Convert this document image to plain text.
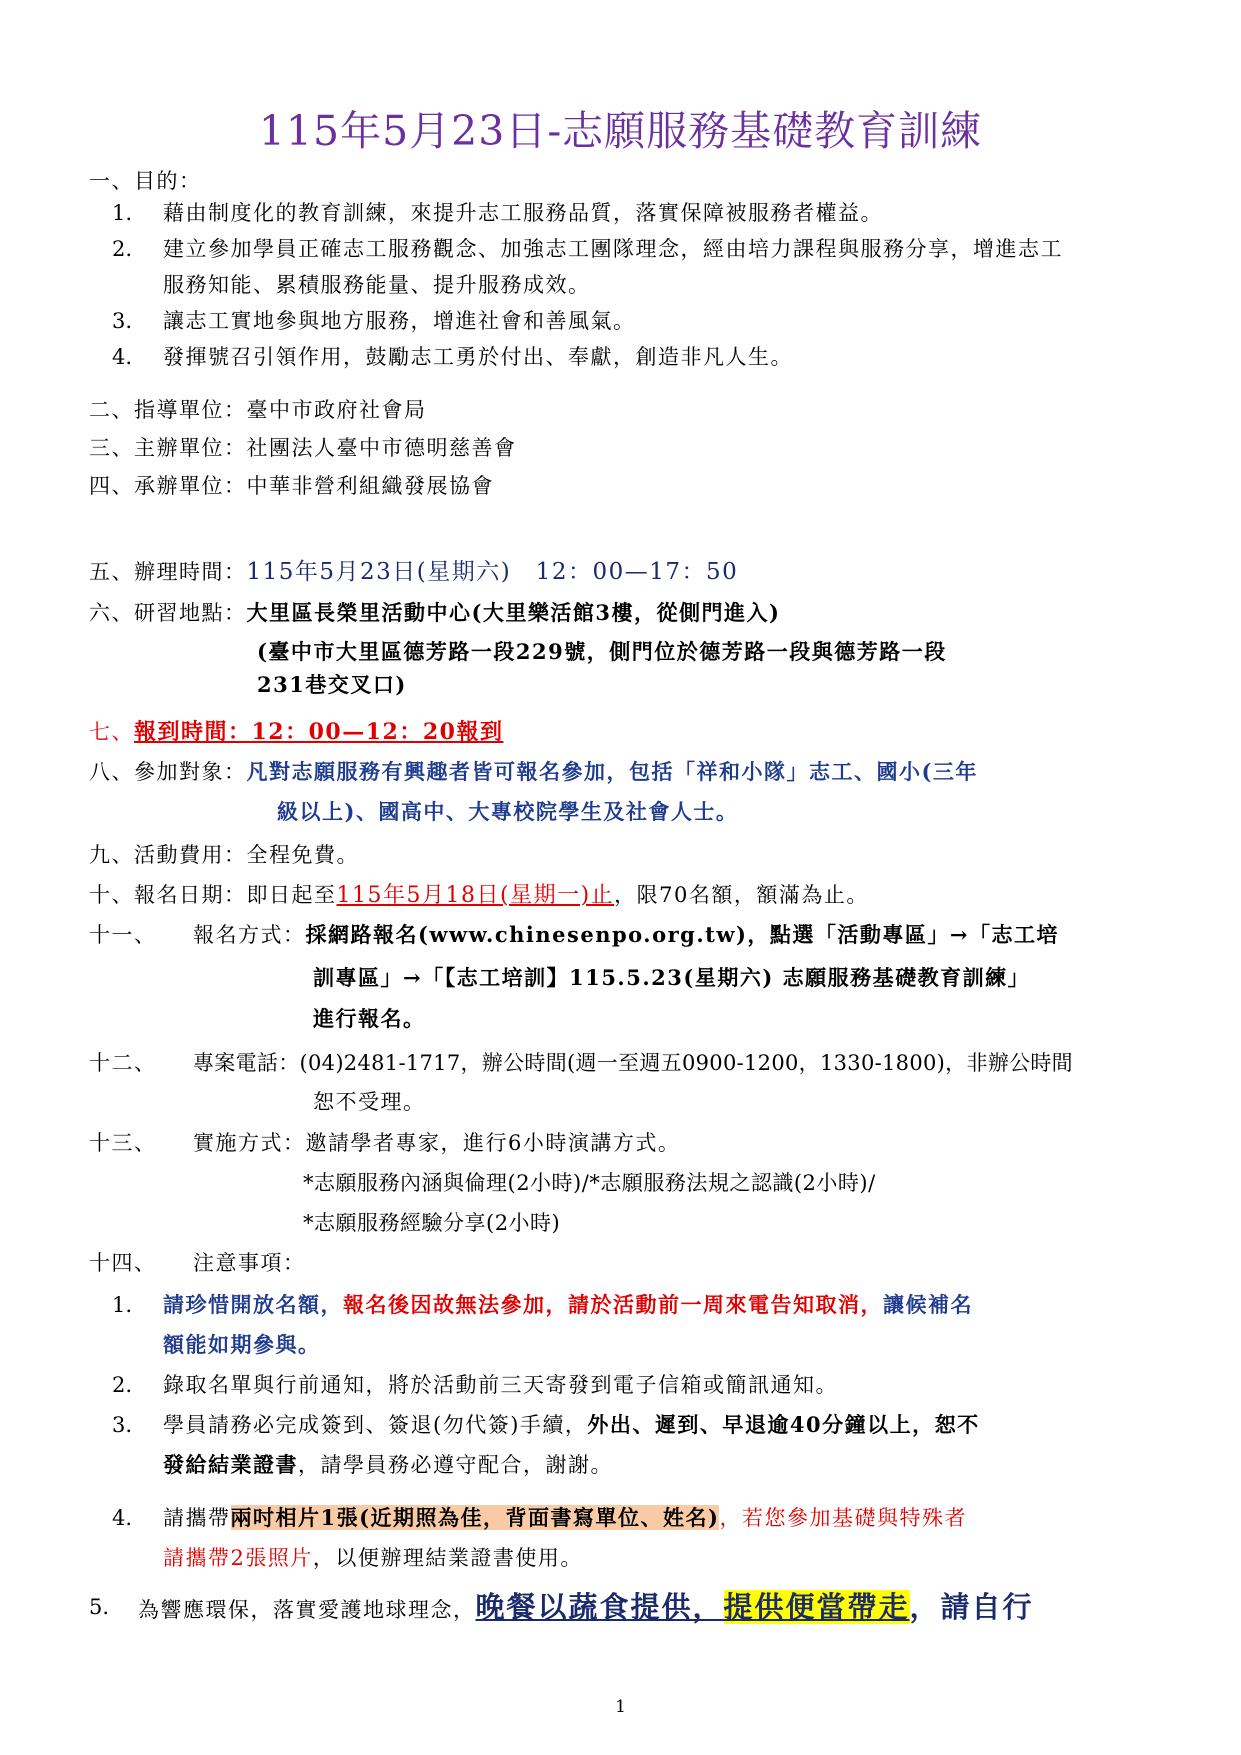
115年5月23日-志願服務基礎教育訓練
一、目的：
1. 藉由制度化的教育訓練，來提升志工服務品質，落實保障被服務者權益。
2. 建立參加學員正確志工服務觀念、加強志工團隊理念，經由培力課程與服務分享，增進志工
服務知能、累積服務能量、提升服務成效。
3. 讓志工實地參與地方服務，增進社會和善風氣。
4. 發揮號召引領作用，鼓勵志工勇於付出、奉獻，創造非凡人生。
二、指導單位：臺中市政府社會局
三、主辦單位：社團法人臺中市德明慈善會
四、承辦單位：中華非營利組織發展協會
五、辦理時間：115年5月23日(星期六)　12：00—17：50
六、研習地點：大里區長榮里活動中心(大里樂活館3樓，從側門進入)
(臺中市大里區德芳路一段229號，側門位於德芳路一段與德芳路一段
231巷交叉口)
七、報到時間：12：00—12：20報到
八、參加對象：凡對志願服務有興趣者皆可報名參加，包括「祥和小隊」志工、國小(三年
級以上)、國高中、大專校院學生及社會人士。
九、活動費用：全程免費。
十、報名日期：即日起至115年5月18日(星期一)止，限70名額，額滿為止。
十一、 報名方式：採網路報名(www.chinesenpo.org.tw)，點選「活動專區」→「志工培
訓專區」→「【志工培訓】115.5.23(星期六) 志願服務基礎教育訓練」
進行報名。
十二、 專案電話：(04)2481-1717，辦公時間(週一至週五0900-1200，1330-1800)，非辦公時間
恕不受理。
十三、 實施方式：邀請學者專家，進行6小時演講方式。
*志願服務內涵與倫理(2小時)/*志願服務法規之認識(2小時)/
*志願服務經驗分享(2小時)
十四、 注意事項：
1. 請珍惜開放名額，報名後因故無法參加，請於活動前一周來電告知取消，讓候補名
額能如期參與。
2. 錄取名單與行前通知，將於活動前三天寄發到電子信箱或簡訊通知。
3. 學員請務必完成簽到、簽退(勿代簽)手續，外出、遲到、早退逾40分鐘以上，恕不
發給結業證書，請學員務必遵守配合，謝謝。
4. 請攜帶兩吋相片1張(近期照為佳，背面書寫單位、姓名)，若您參加基礎與特殊者
請攜帶2張照片，以便辦理結業證書使用。
5. 為響應環保，落實愛護地球理念，晚餐以蔬食提供，提供便當帶走，請自行
1
